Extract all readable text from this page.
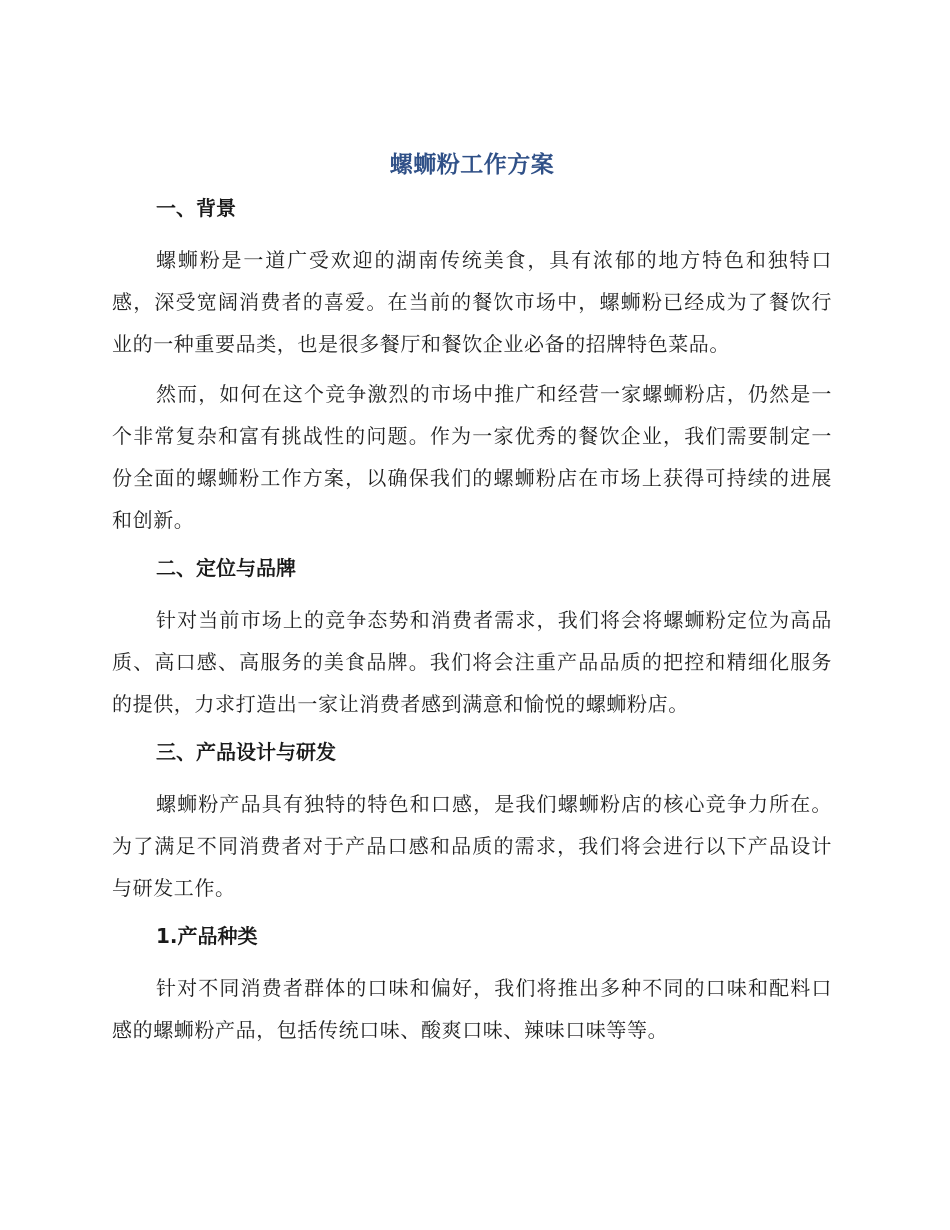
螺蛳粉工作方案
一、背景

螺蛳粉是一道广受欢迎的湖南传统美食，具有浓郁的地方特色和独特口感，深受宽阔消费者的喜爱。在当前的餐饮市场中，螺蛳粉已经成为了餐饮行业的一种重要品类，也是很多餐厅和餐饮企业必备的招牌特色菜品。

然而，如何在这个竞争激烈的市场中推广和经营一家螺蛳粉店，仍然是一个非常复杂和富有挑战性的问题。作为一家优秀的餐饮企业，我们需要制定一份全面的螺蛳粉工作方案，以确保我们的螺蛳粉店在市场上获得可持续的进展和创新。

二、定位与品牌

针对当前市场上的竞争态势和消费者需求，我们将会将螺蛳粉定位为高品质、高口感、高服务的美食品牌。我们将会注重产品品质的把控和精细化服务的提供，力求打造出一家让消费者感到满意和愉悦的螺蛳粉店。

三、产品设计与研发

螺蛳粉产品具有独特的特色和口感，是我们螺蛳粉店的核心竞争力所在。为了满足不同消费者对于产品口感和品质的需求，我们将会进行以下产品设计与研发工作。

1.产品种类

针对不同消费者群体的口味和偏好，我们将推出多种不同的口味和配料口感的螺蛳粉产品，包括传统口味、酸爽口味、辣味口味等等。
